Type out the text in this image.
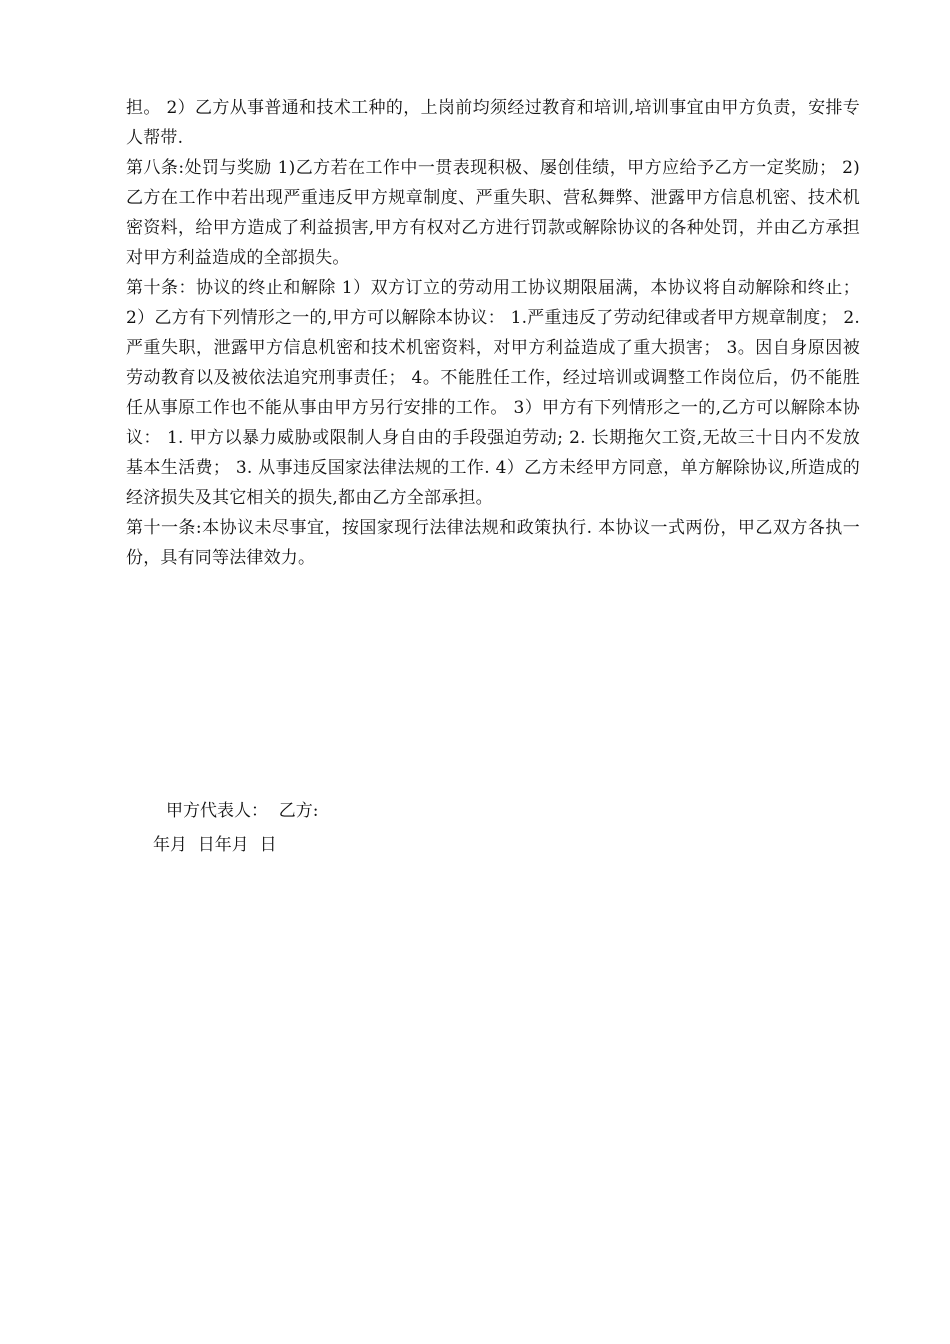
担。 2）乙方从事普通和技术工种的，上岗前均须经过教育和培训,培训事宜由甲方负责，安排专人帮带.

第八条:处罚与奖励 1)乙方若在工作中一贯表现积极、屡创佳绩，甲方应给予乙方一定奖励； 2)乙方在工作中若出现严重违反甲方规章制度、严重失职、营私舞弊、泄露甲方信息机密、技术机密资料，给甲方造成了利益损害,甲方有权对乙方进行罚款或解除协议的各种处罚，并由乙方承担对甲方利益造成的全部损失。

第十条：协议的终止和解除 1）双方订立的劳动用工协议期限届满，本协议将自动解除和终止； 2）乙方有下列情形之一的,甲方可以解除本协议： 1.严重违反了劳动纪律或者甲方规章制度； 2.严重失职，泄露甲方信息机密和技术机密资料，对甲方利益造成了重大损害； 3。因自身原因被劳动教育以及被依法追究刑事责任； 4。不能胜任工作，经过培训或调整工作岗位后，仍不能胜任从事原工作也不能从事由甲方另行安排的工作。 3）甲方有下列情形之一的,乙方可以解除本协议： 1. 甲方以暴力威胁或限制人身自由的手段强迫劳动; 2. 长期拖欠工资,无故三十日内不发放基本生活费； 3. 从事违反国家法律法规的工作. 4）乙方未经甲方同意，单方解除协议,所造成的经济损失及其它相关的损失,都由乙方全部承担。

第十一条:本协议未尽事宜，按国家现行法律法规和政策执行. 本协议一式两份，甲乙双方各执一份，具有同等法律效力。

甲方代表人：  乙方:
年月  日年月  日
